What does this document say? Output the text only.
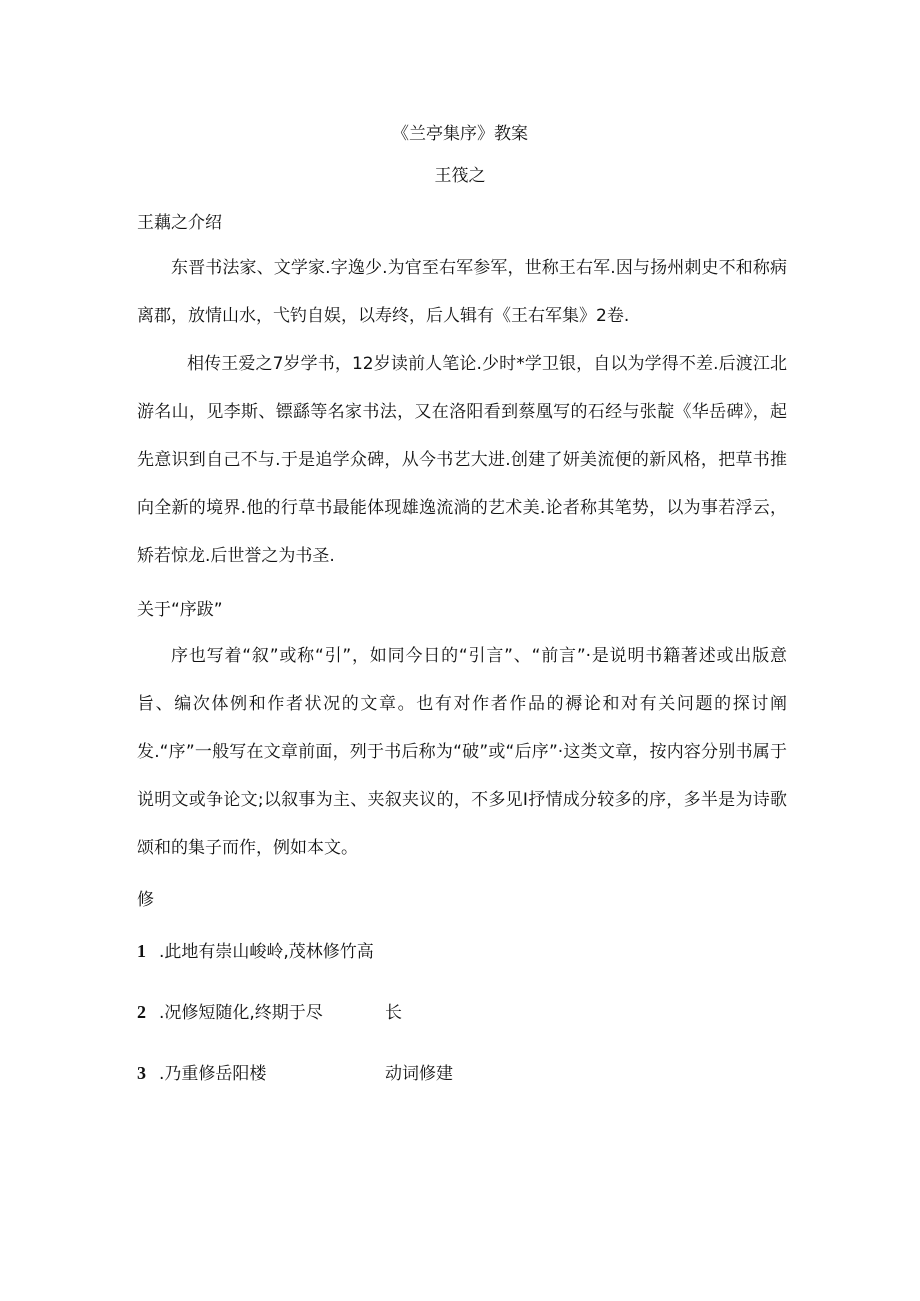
《兰亭集序》教案
王筏之
王藕之介绍

东晋书法家、文学家.字逸少.为官至右军参军，世称王右军.因与扬州刺史不和称病离郡，放情山水，弋钓自娱，以寿终，后人辑有《王右军集》2卷.

相传王爱之7岁学书，12岁读前人笔论.少时*学卫银，自以为学得不差.后渡江北游名山，见李斯、镖繇等名家书法，又在洛阳看到蔡凰写的石经与张靛《华岳碑》，起先意识到自己不与.于是追学众碑，从今书艺大进.创建了妍美流便的新风格，把草书推向全新的境界.他的行草书最能体现雄逸流淌的艺术美.论者称其笔势，以为事若浮云，矫若惊龙.后世誉之为书圣.

关于“序跋”

序也写着“叙”或称“引”，如同今日的“引言”、“前言”·是说明书籍著述或出版意旨、编次体例和作者状况的文章。也有对作者作品的褥论和对有关问题的探讨阐发.“序”一般写在文章前面，列于书后称为“破”或“后序”·这类文章，按内容分别书属于说明文或争论文;以叙事为主、夹叙夹议的，不多见I抒情成分较多的序，多半是为诗歌颂和的集子而作，例如本文。

修
1 .此地有崇山峻岭,茂林修竹高
2 .况修短随化,终期于尽	长
3 .乃重修岳阳楼	动词修建
